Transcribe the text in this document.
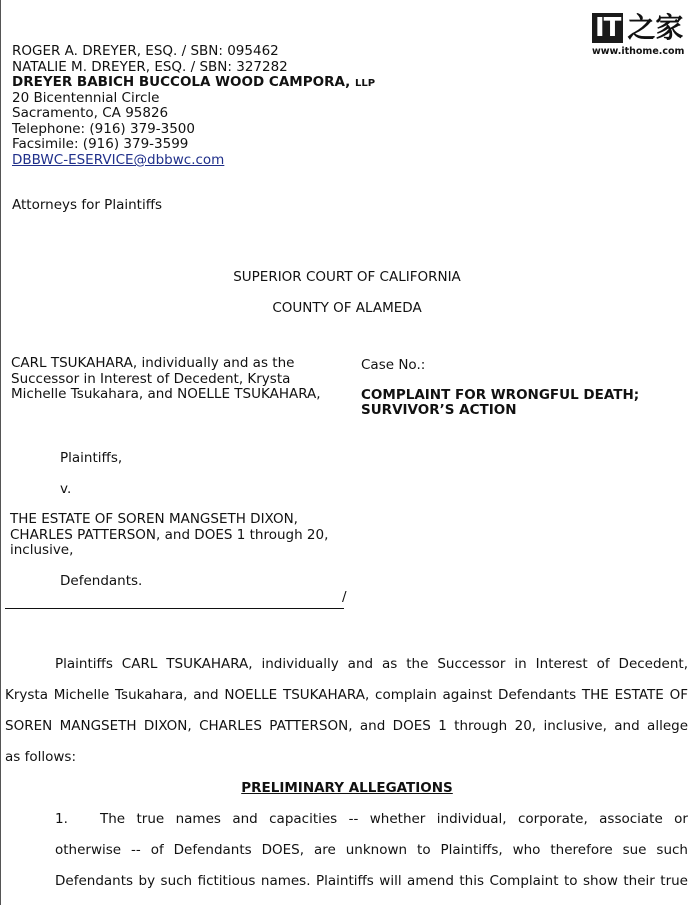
IT 之家
www.ithome.com
ROGER A. DREYER, ESQ. / SBN: 095462
NATALIE M. DREYER, ESQ. / SBN: 327282
DREYER BABICH BUCCOLA WOOD CAMPORA, LLP
20 Bicentennial Circle
Sacramento, CA 95826
Telephone: (916) 379-3500
Facsimile: (916) 379-3599
DBBWC-ESERVICE@dbbwc.com
Attorneys for Plaintiffs
SUPERIOR COURT OF CALIFORNIA
COUNTY OF ALAMEDA
CARL TSUKAHARA, individually and as the Successor in Interest of Decedent, Krysta Michelle Tsukahara, and NOELLE TSUKAHARA,
Case No.:
COMPLAINT FOR WRONGFUL DEATH;
SURVIVOR’S ACTION
Plaintiffs,
v.
THE ESTATE OF SOREN MANGSETH DIXON, CHARLES PATTERSON, and DOES 1 through 20, inclusive,
Defendants.
/
Plaintiffs CARL TSUKAHARA, individually and as the Successor in Interest of Decedent,
Krysta Michelle Tsukahara, and NOELLE TSUKAHARA, complain against Defendants THE ESTATE OF
SOREN MANGSETH DIXON, CHARLES PATTERSON, and DOES 1 through 20, inclusive, and allege
as follows:
PRELIMINARY ALLEGATIONS
1. The true names and capacities -- whether individual, corporate, associate or
otherwise -- of Defendants DOES, are unknown to Plaintiffs, who therefore sue such
Defendants by such fictitious names. Plaintiffs will amend this Complaint to show their true
